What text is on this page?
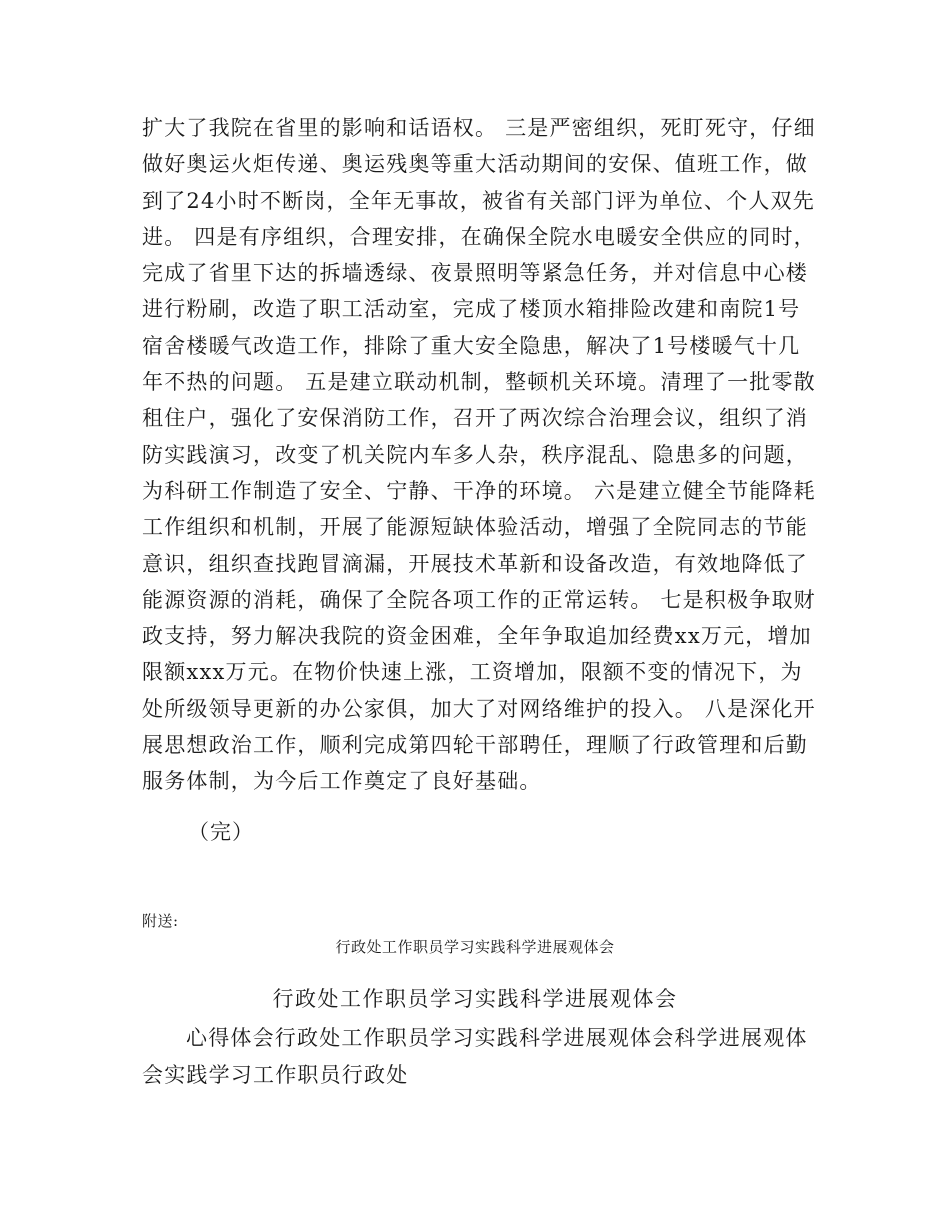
扩大了我院在省里的影响和话语权。 三是严密组织，死盯死守，仔细
做好奥运火炬传递、奥运残奥等重大活动期间的安保、值班工作，做
到了24小时不断岗，全年无事故，被省有关部门评为单位、个人双先
进。 四是有序组织，合理安排，在确保全院水电暖安全供应的同时，
完成了省里下达的拆墙透绿、夜景照明等紧急任务，并对信息中心楼
进行粉刷，改造了职工活动室，完成了楼顶水箱排险改建和南院1号
宿舍楼暖气改造工作，排除了重大安全隐患，解决了1号楼暖气十几
年不热的问题。 五是建立联动机制，整顿机关环境。清理了一批零散
租住户，强化了安保消防工作，召开了两次综合治理会议，组织了消
防实践演习，改变了机关院内车多人杂，秩序混乱、隐患多的问题，
为科研工作制造了安全、宁静、干净的环境。 六是建立健全节能降耗
工作组织和机制，开展了能源短缺体验活动，增强了全院同志的节能
意识，组织查找跑冒滴漏，开展技术革新和设备改造，有效地降低了
能源资源的消耗，确保了全院各项工作的正常运转。 七是积极争取财
政支持，努力解决我院的资金困难，全年争取追加经费xx万元，增加
限额xxx万元。在物价快速上涨，工资增加，限额不变的情况下，为
处所级领导更新的办公家俱，加大了对网络维护的投入。 八是深化开
展思想政治工作，顺利完成第四轮干部聘任，理顺了行政管理和后勤
服务体制，为今后工作奠定了良好基础。
（完）
附送:
行政处工作职员学习实践科学进展观体会
行政处工作职员学习实践科学进展观体会
心得体会行政处工作职员学习实践科学进展观体会科学进展观体
会实践学习工作职员行政处
